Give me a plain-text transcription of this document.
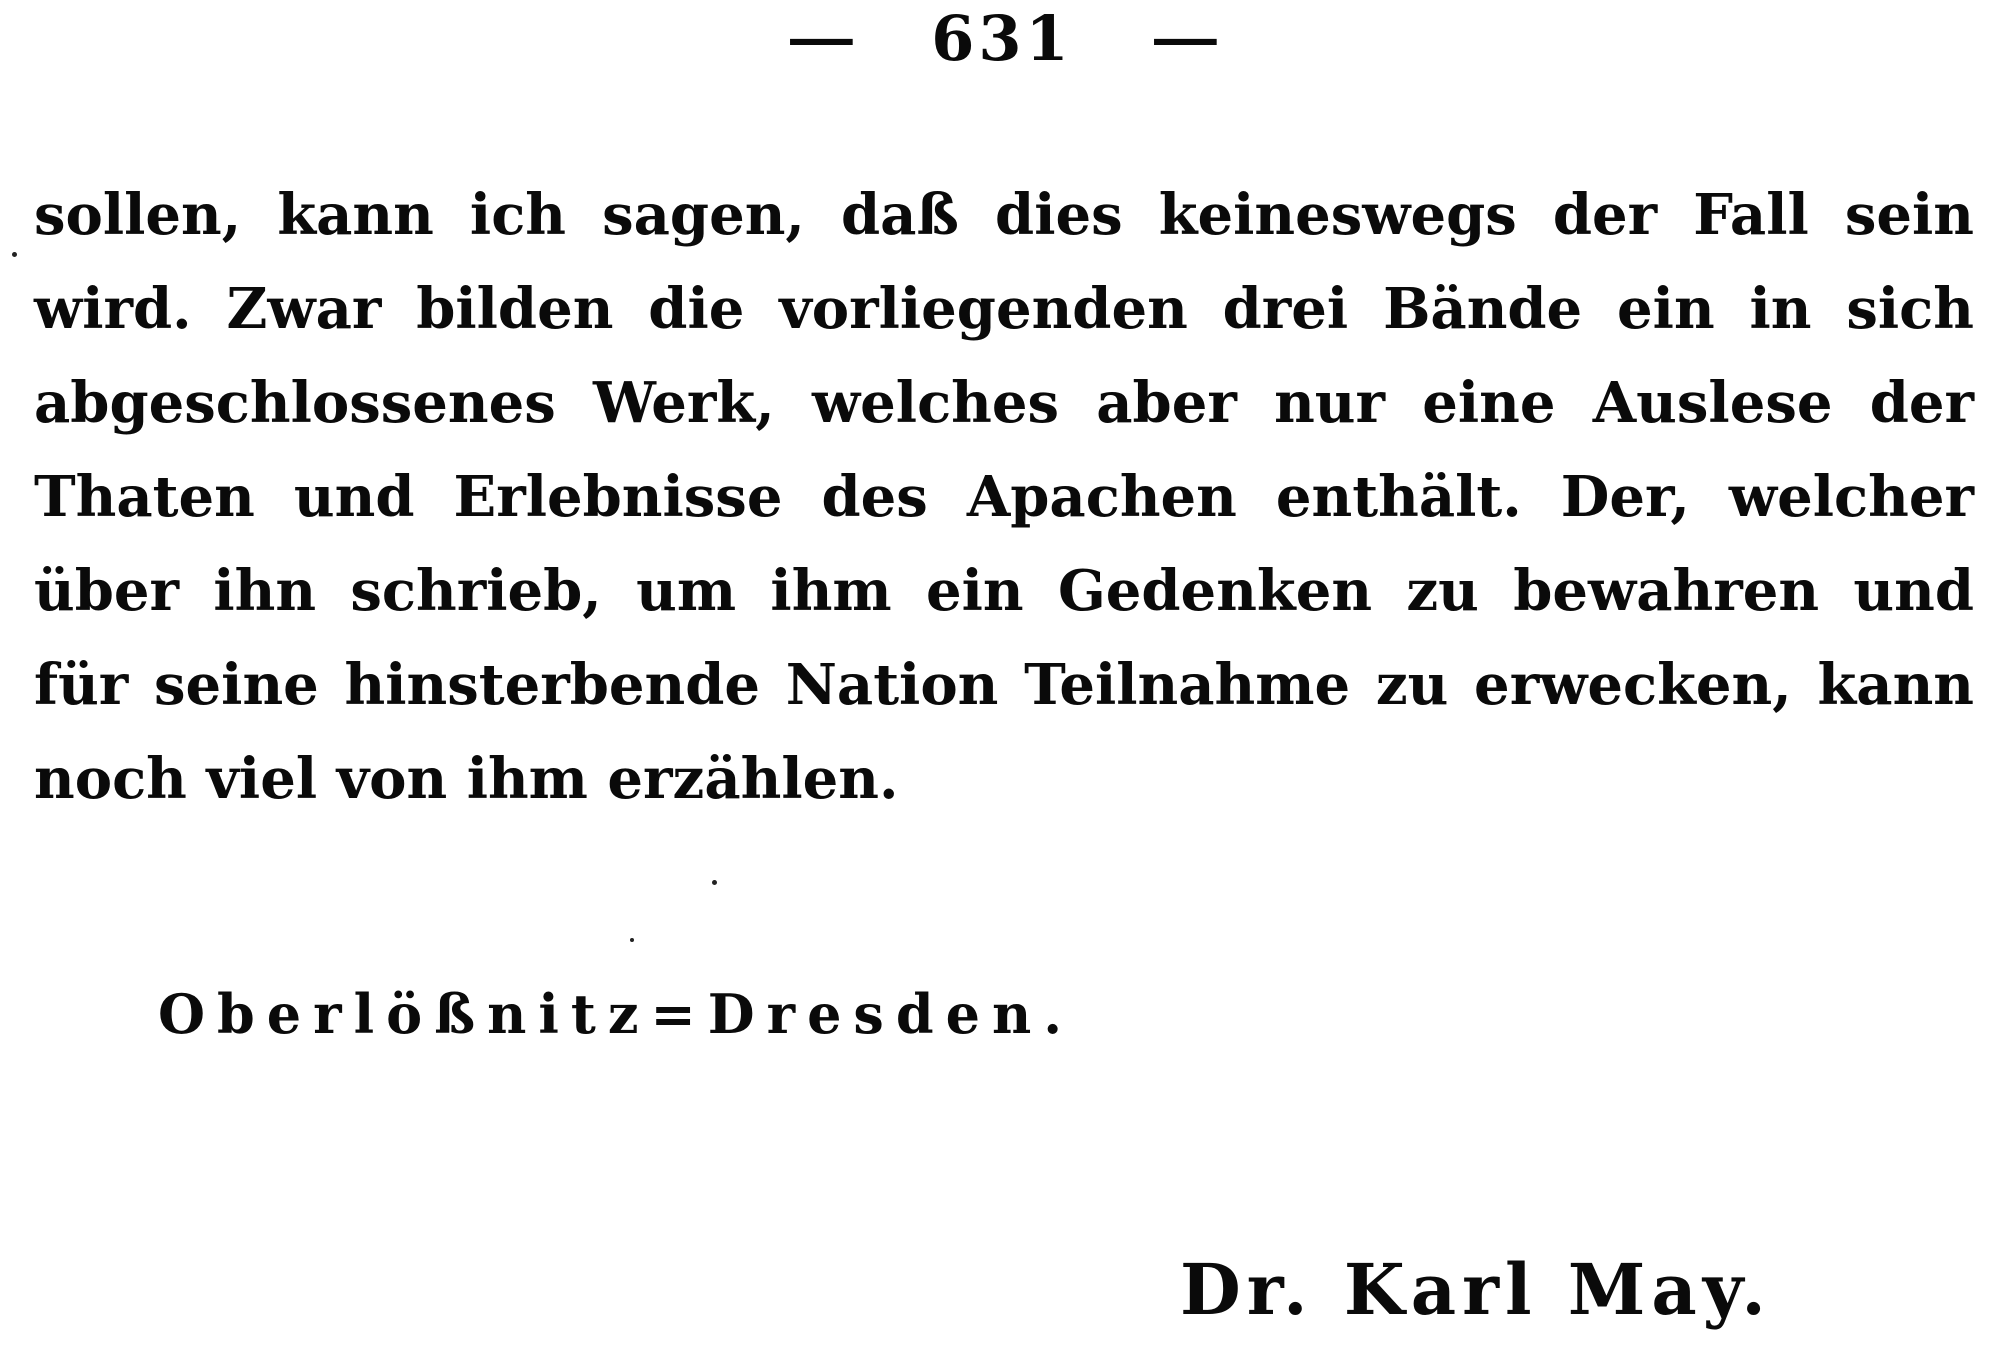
— 631 —
sollen, kann ich sagen, daß dies keineswegs der Fall sein
wird. Zwar bilden die vorliegenden drei Bände ein in sich
abgeschlossenes Werk, welches aber nur eine Auslese der
Thaten und Erlebnisse des Apachen enthält. Der, welcher
über ihn schrieb, um ihm ein Gedenken zu bewahren und
für seine hinsterbende Nation Teilnahme zu erwecken, kann
noch viel von ihm erzählen.
Oberlößnitz=Dresden.
Dr. Karl May.
